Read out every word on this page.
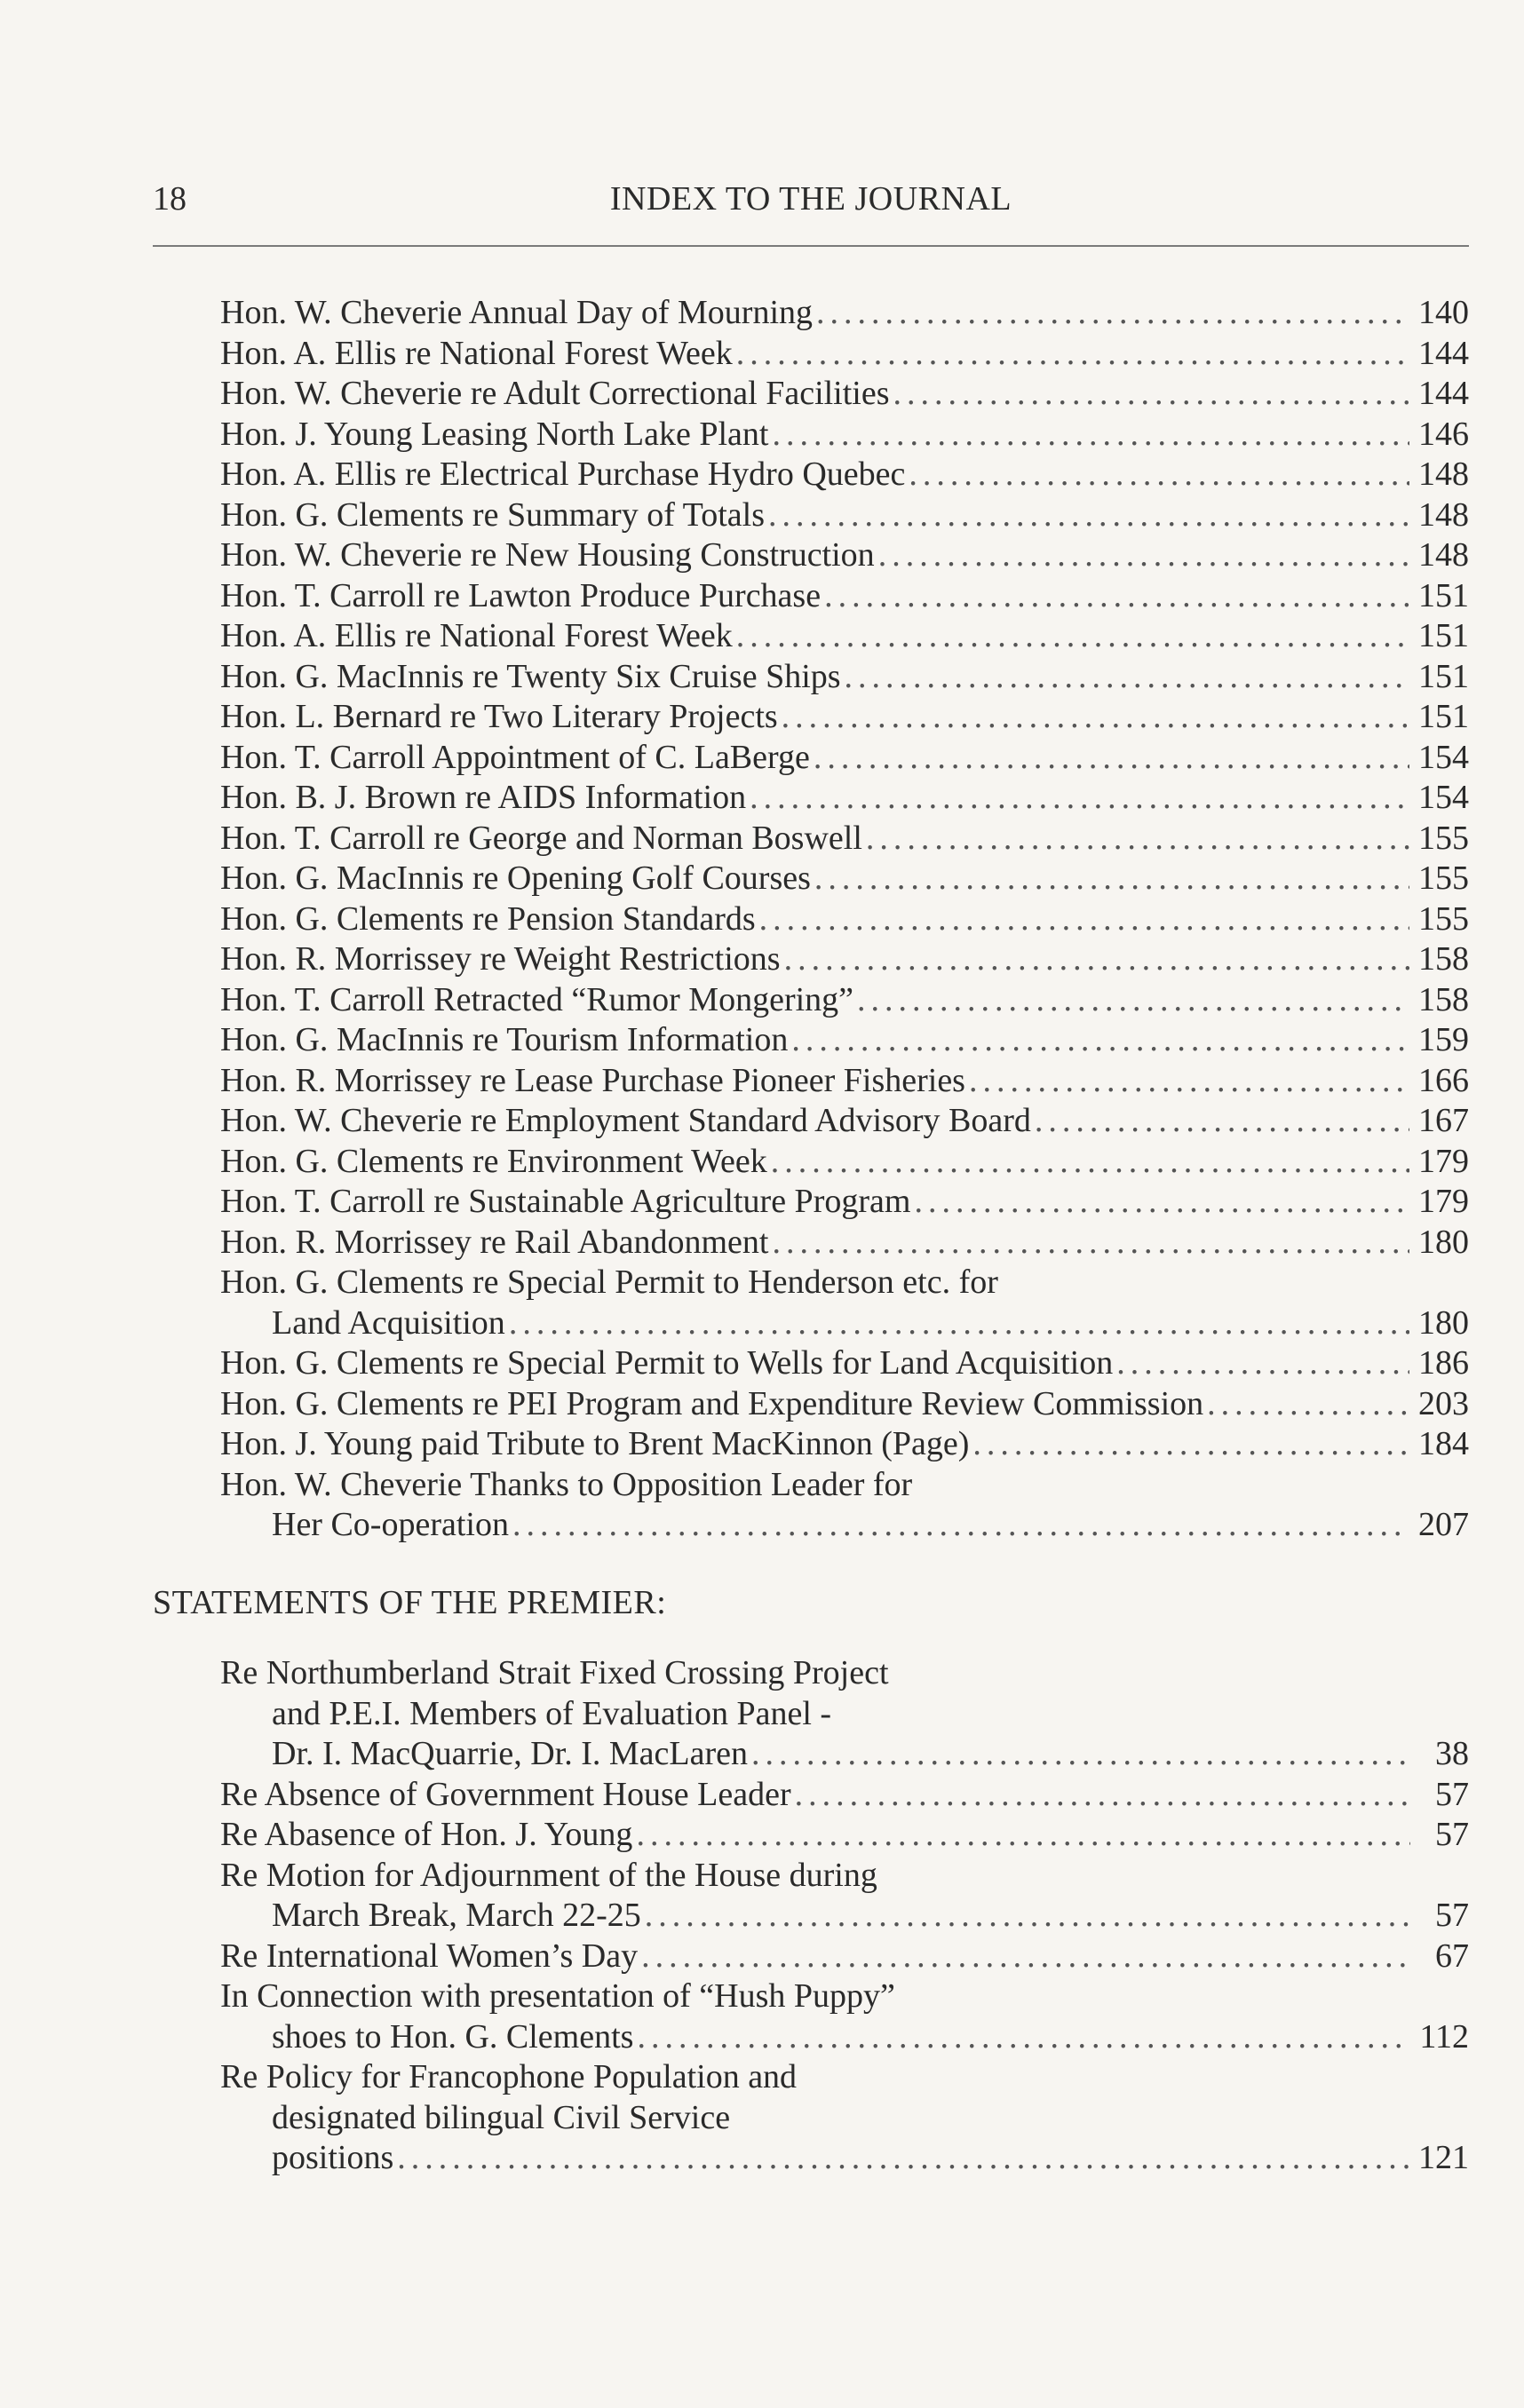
18	INDEX TO THE JOURNAL
Hon. W. Cheverie Annual Day of Mourning .....	140
Hon. A. Ellis re National Forest Week .....	144
Hon. W. Cheverie re Adult Correctional Facilities .....	144
Hon. J. Young Leasing North Lake Plant .....	146
Hon. A. Ellis re Electrical Purchase Hydro Quebec .....	148
Hon. G. Clements re Summary of Totals .....	148
Hon. W. Cheverie re New Housing Construction .....	148
Hon. T. Carroll re Lawton Produce Purchase .....	151
Hon. A. Ellis re National Forest Week .....	151
Hon. G. MacInnis re Twenty Six Cruise Ships .....	151
Hon. L. Bernard re Two Literary Projects .....	151
Hon. T. Carroll Appointment of C. LaBerge .....	154
Hon. B. J. Brown re AIDS Information .....	154
Hon. T. Carroll re George and Norman Boswell .....	155
Hon. G. MacInnis re Opening Golf Courses .....	155
Hon. G. Clements re Pension Standards .....	155
Hon. R. Morrissey re Weight Restrictions .....	158
Hon. T. Carroll Retracted “Rumor Mongering” .....	158
Hon. G. MacInnis re Tourism Information .....	159
Hon. R. Morrissey re Lease Purchase Pioneer Fisheries .....	166
Hon. W. Cheverie re Employment Standard Advisory Board .....	167
Hon. G. Clements re Environment Week .....	179
Hon. T. Carroll re Sustainable Agriculture Program .....	179
Hon. R. Morrissey re Rail Abandonment .....	180
Hon. G. Clements re Special Permit to Henderson etc. for
Land Acquisition .....	180
Hon. G. Clements re Special Permit to Wells for Land Acquisition .....	186
Hon. G. Clements re PEI Program and Expenditure Review Commission .....	203
Hon. J. Young paid Tribute to Brent MacKinnon (Page) .....	184
Hon. W. Cheverie Thanks to Opposition Leader for
Her Co-operation .....	207
STATEMENTS OF THE PREMIER:
Re Northumberland Strait Fixed Crossing Project
and P.E.I. Members of Evaluation Panel -
Dr. I. MacQuarrie, Dr. I. MacLaren .....	38
Re Absence of Government House Leader .....	57
Re Abasence of Hon. J. Young .....	57
Re Motion for Adjournment of the House during
March Break, March 22-25 .....	57
Re International Women’s Day .....	67
In Connection with presentation of “Hush Puppy”
shoes to Hon. G. Clements .....	112
Re Policy for Francophone Population and
designated bilingual Civil Service
positions .....	121
